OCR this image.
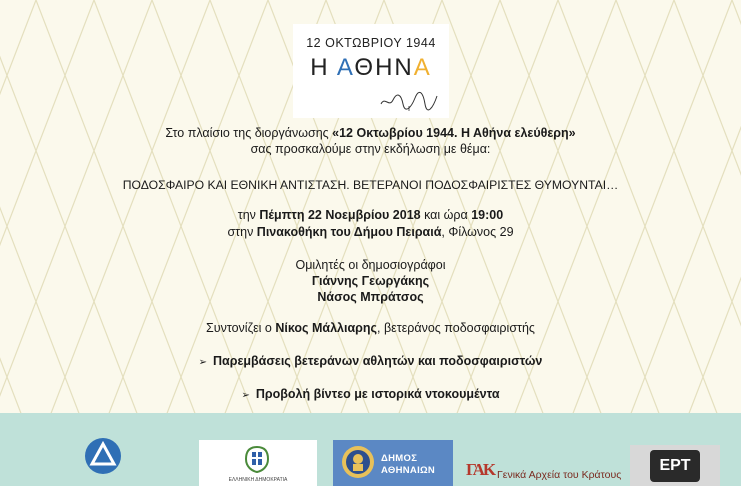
12 ΟΚΤΩΒΡΙΟΥ 1944
Η ΑΘΗΝΑ
Στο πλαίσιο της διοργάνωσης «12 Οκτωβρίου 1944. Η Αθήνα ελεύθερη»
σας προσκαλούμε στην εκδήλωση με θέμα:
ΠΟΔΟΣΦΑΙΡΟ ΚΑΙ ΕΘΝΙΚΗ ΑΝΤΙΣΤΑΣΗ. ΒΕΤΕΡΑΝΟΙ ΠΟΔΟΣΦΑΙΡΙΣΤΕΣ ΘΥΜΟΥΝΤΑΙ…
την Πέμπτη 22 Νοεμβρίου 2018 και ώρα 19:00
στην Πινακοθήκη του Δήμου Πειραιά, Φίλωνος 29
Ομιλητές οι δημοσιογράφοι
Γιάννης Γεωργάκης
Νάσος Μπράτσος
Συντονίζει ο Νίκος Μάλλιαρης, βετεράνος ποδοσφαιριστής
➢ Παρεμβάσεις βετεράνων αθλητών και ποδοσφαιριστών
➢ Προβολή βίντεο με ιστορικά ντοκουμέντα
ΕΛΛΗΝΙΚΗ ΔΗΜΟΚΡΑΤΙΑ
ΔΗΜΟΣ
ΑΘΗΝΑΙΩΝ ΓΑΚ Γενικά Αρχεία του Κράτους
ΕΡΤ
